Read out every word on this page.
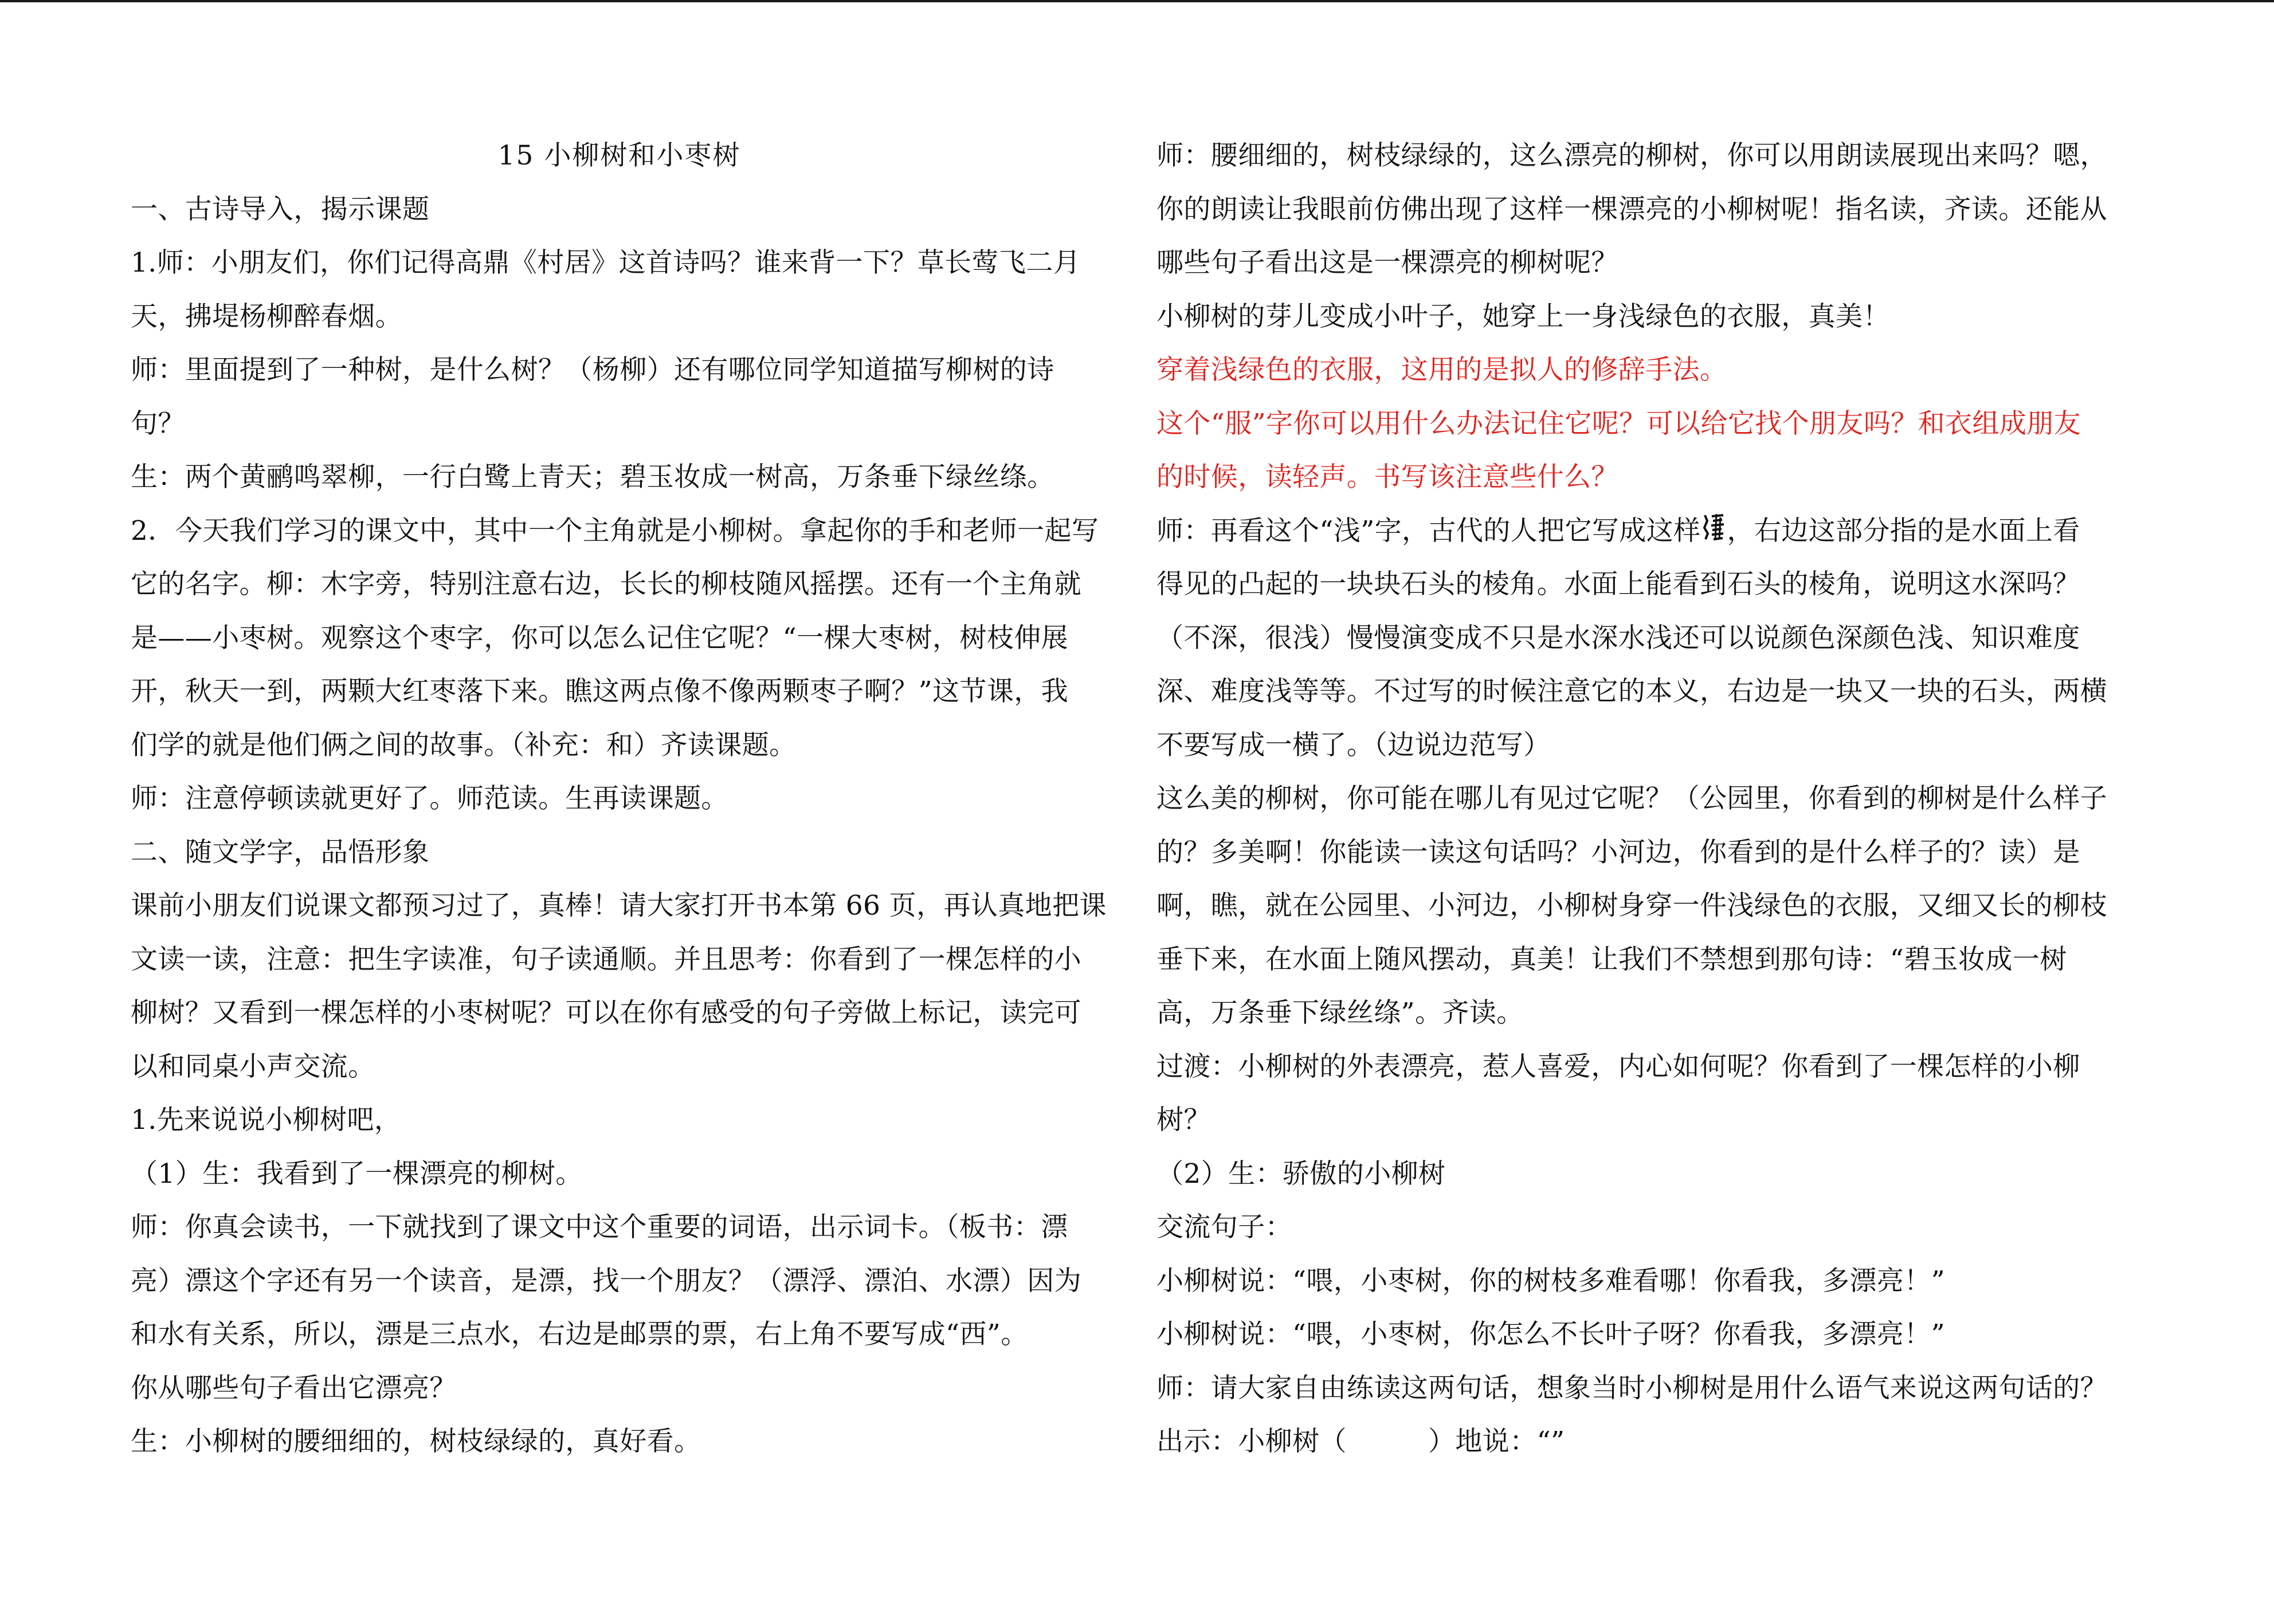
15 小柳树和小枣树
一、古诗导入，揭示课题
1.师：小朋友们，你们记得高鼎《村居》这首诗吗？谁来背一下？草长莺飞二月
天，拂堤杨柳醉春烟。
师：里面提到了一种树，是什么树？（杨柳）还有哪位同学知道描写柳树的诗
句？
生：两个黄鹂鸣翠柳，一行白鹭上青天；碧玉妆成一树高，万条垂下绿丝绦。
2．今天我们学习的课文中，其中一个主角就是小柳树。拿起你的手和老师一起写
它的名字。柳：木字旁，特别注意右边，长长的柳枝随风摇摆。还有一个主角就
是——小枣树。观察这个枣字，你可以怎么记住它呢？“一棵大枣树，树枝伸展
开，秋天一到，两颗大红枣落下来。瞧这两点像不像两颗枣子啊？”这节课，我
们学的就是他们俩之间的故事。（补充：和）齐读课题。
师：注意停顿读就更好了。师范读。生再读课题。
二、随文学字，品悟形象
课前小朋友们说课文都预习过了，真棒！请大家打开书本第 66 页，再认真地把课
文读一读，注意：把生字读准，句子读通顺。并且思考：你看到了一棵怎样的小
柳树？又看到一棵怎样的小枣树呢？可以在你有感受的句子旁做上标记，读完可
以和同桌小声交流。
1.先来说说小柳树吧，
（1）生：我看到了一棵漂亮的柳树。
师：你真会读书，一下就找到了课文中这个重要的词语，出示词卡。（板书：漂
亮）漂这个字还有另一个读音，是漂，找一个朋友？（漂浮、漂泊、水漂）因为
和水有关系，所以，漂是三点水，右边是邮票的票，右上角不要写成“西”。
你从哪些句子看出它漂亮？
生：小柳树的腰细细的，树枝绿绿的，真好看。
师：腰细细的，树枝绿绿的，这么漂亮的柳树，你可以用朗读展现出来吗？嗯，
你的朗读让我眼前仿佛出现了这样一棵漂亮的小柳树呢！指名读，齐读。还能从
哪些句子看出这是一棵漂亮的柳树呢？
小柳树的芽儿变成小叶子，她穿上一身浅绿色的衣服，真美！
穿着浅绿色的衣服，这用的是拟人的修辞手法。
这个“服”字你可以用什么办法记住它呢？可以给它找个朋友吗？和衣组成朋友
的时候，读轻声。书写该注意些什么？
师：再看这个“浅”字，古代的人把它写成这样 ，右边这部分指的是水面上看
得见的凸起的一块块石头的棱角。水面上能看到石头的棱角，说明这水深吗？
（不深，很浅）慢慢演变成不只是水深水浅还可以说颜色深颜色浅、知识难度
深、难度浅等等。不过写的时候注意它的本义，右边是一块又一块的石头，两横
不要写成一横了。（边说边范写）
这么美的柳树，你可能在哪儿有见过它呢？（公园里，你看到的柳树是什么样子
的？多美啊！你能读一读这句话吗？小河边，你看到的是什么样子的？读）是
啊，瞧，就在公园里、小河边，小柳树身穿一件浅绿色的衣服，又细又长的柳枝
垂下来，在水面上随风摆动，真美！让我们不禁想到那句诗：“碧玉妆成一树
高，万条垂下绿丝绦”。齐读。
过渡：小柳树的外表漂亮，惹人喜爱，内心如何呢？你看到了一棵怎样的小柳
树？
（2）生：骄傲的小柳树
交流句子：
小柳树说：“喂，小枣树，你的树枝多难看哪！你看我，多漂亮！”
小柳树说：“喂，小枣树，你怎么不长叶子呀？你看我，多漂亮！”
师：请大家自由练读这两句话，想象当时小柳树是用什么语气来说这两句话的？
出示：小柳树（　　　）地说：“”
